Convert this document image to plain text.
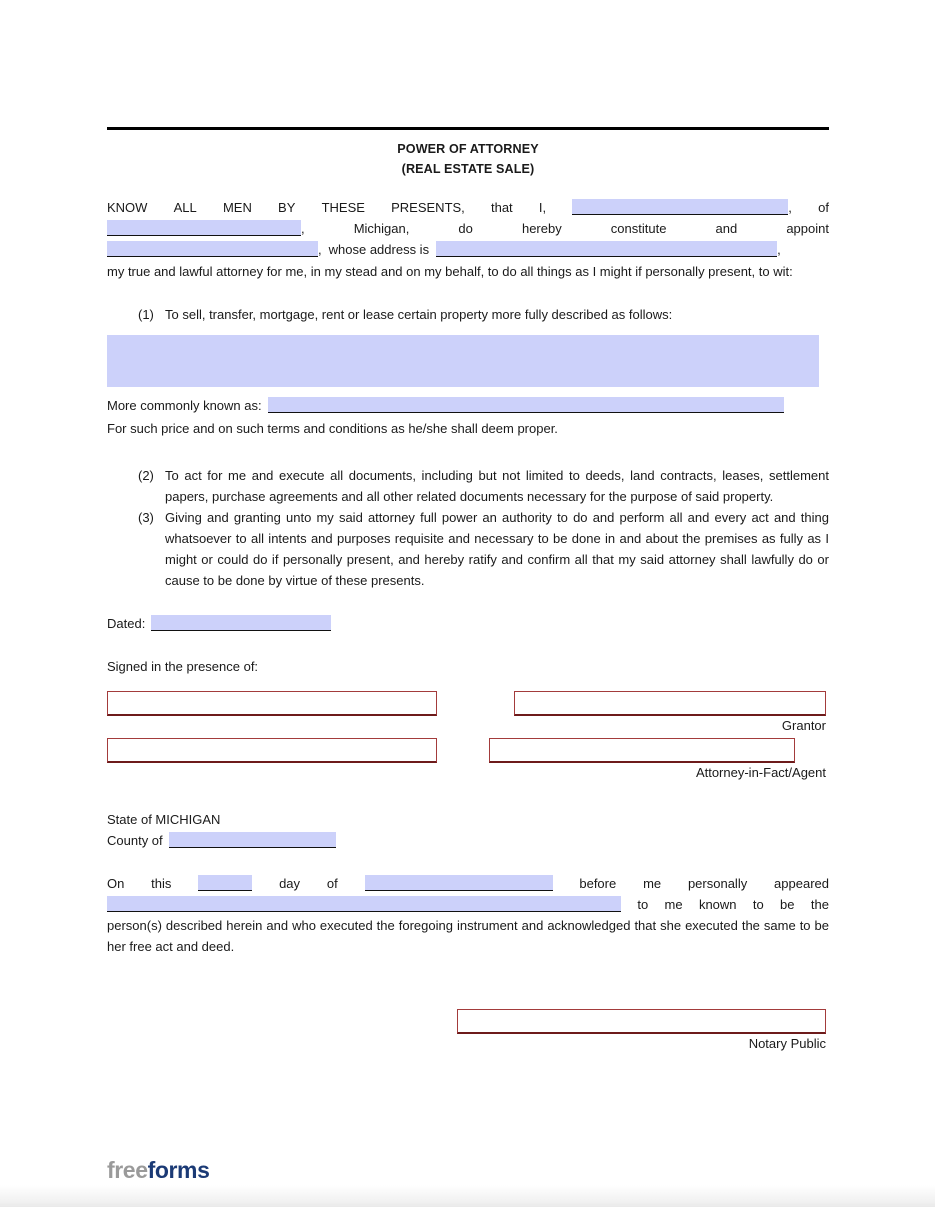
POWER OF ATTORNEY
(REAL ESTATE SALE)
KNOW ALL MEN BY THESE PRESENTS, that I,	, of
,	Michigan,	do	hereby	constitute	and	appoint
, whose address is	,
my true and lawful attorney for me, in my stead and on my behalf, to do all things as I might if personally present, to wit:
(1) To sell, transfer, mortgage, rent or lease certain property more fully described as follows:
More commonly known as:
For such price and on such terms and conditions as he/she shall deem proper.
(2) To act for me and execute all documents, including but not limited to deeds, land contracts, leases, settlement papers, purchase agreements and all other related documents necessary for the purpose of said property.
(3) Giving and granting unto my said attorney full power an authority to do and perform all and every act and thing whatsoever to all intents and purposes requisite and necessary to be done in and about the premises as fully as I might or could do if personally present, and hereby ratify and confirm all that my said attorney shall lawfully do or cause to be done by virtue of these presents.
Dated:
Signed in the presence of:
Grantor
Attorney-in-Fact/Agent
State of MICHIGAN
County of
On this	day of	before me personally appeared
to me known to be the
person(s) described herein and who executed the foregoing instrument and acknowledged that she executed the same to be her free act and deed.
Notary Public
freeforms
